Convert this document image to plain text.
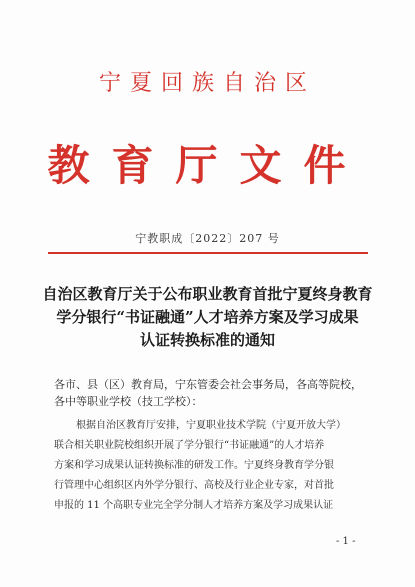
宁夏回族自治区
教育厅文件
宁教职成〔2022〕207 号
自治区教育厅关于公布职业教育首批宁夏终身教育
学分银行“书证融通”人才培养方案及学习成果
认证转换标准的通知
各市、县（区）教育局，宁东管委会社会事务局，各高等院校，
各中等职业学校（技工学校）：
根据自治区教育厅安排，宁夏职业技术学院（宁夏开放大学）
联合相关职业院校组织开展了学分银行“书证融通”的人才培养
方案和学习成果认证转换标准的研发工作。宁夏终身教育学分银
行管理中心组织区内外学分银行、高校及行业企业专家，对首批
申报的 11 个高职专业完全学分制人才培养方案及学习成果认证
- 1 -
